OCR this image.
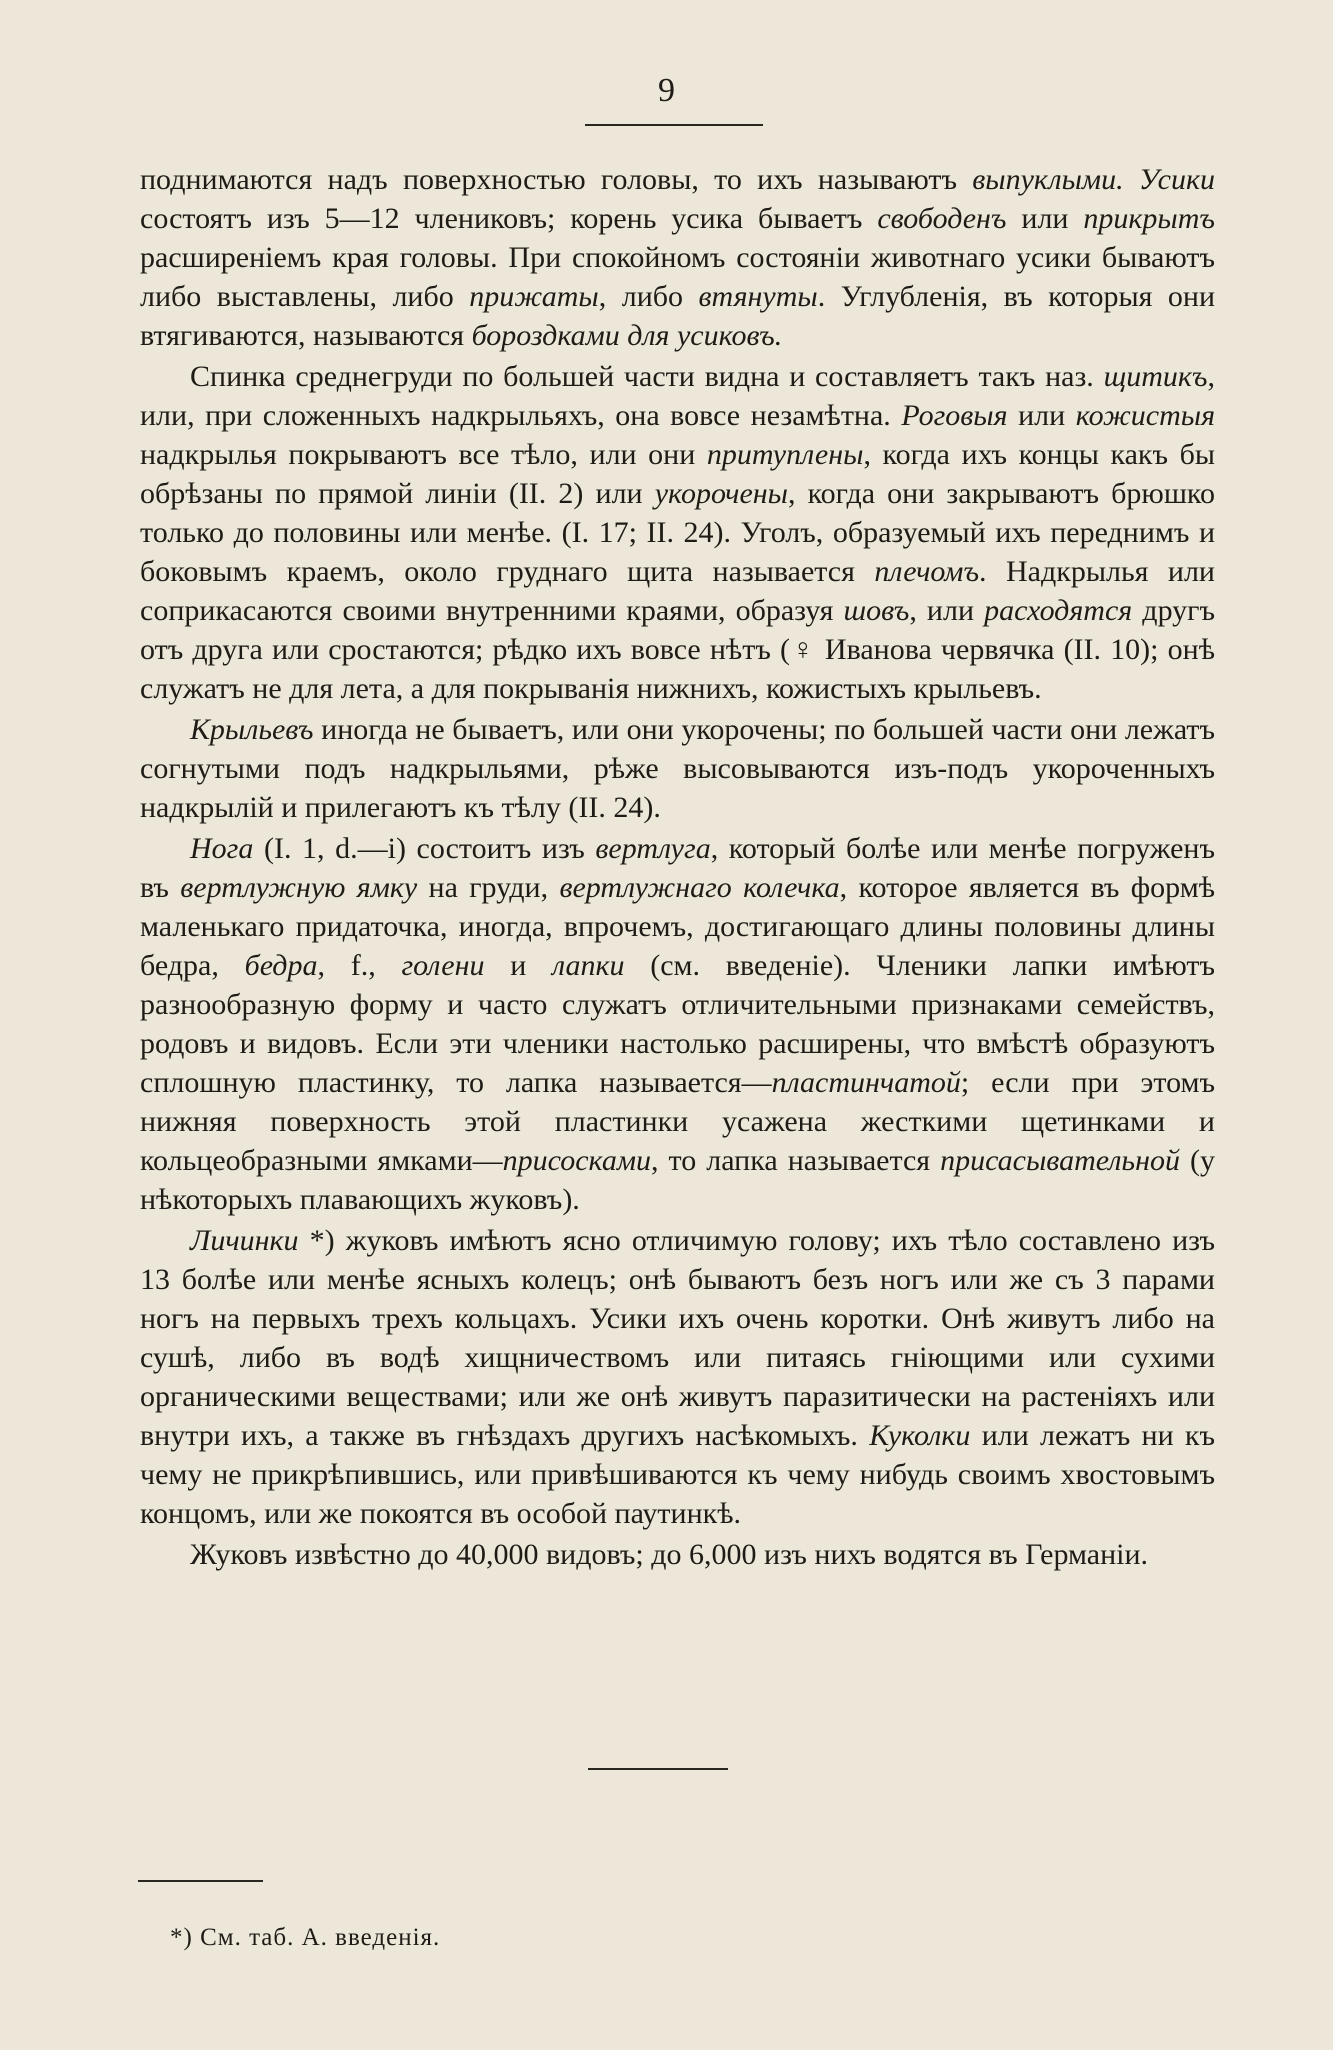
9

поднимаются надъ поверхностью головы, то ихъ называютъ выпуклыми. Усики состоятъ изъ 5—12 члениковъ; корень усика бываетъ свободенъ или прикрытъ расширеніемъ края головы. При спокойномъ состояніи животнаго усики бываютъ либо выставлены, либо прижаты, либо втянуты. Углубленія, въ которыя они втягиваются, называются бороздками для усиковъ.

Спинка среднегруди по большей части видна и составляетъ такъ наз. щитикъ, или, при сложенныхъ надкрыльяхъ, она вовсе незамѣтна. Роговыя или кожистыя надкрылья покрываютъ все тѣло, или они притуплены, когда ихъ концы какъ бы обрѣзаны по прямой линіи (II. 2) или укорочены, когда они закрываютъ брюшко только до половины или менѣе. (I. 17; II. 24). Уголъ, образуемый ихъ переднимъ и боковымъ краемъ, около груднаго щита называется плечомъ. Надкрылья или соприкасаются своими внутренними краями, образуя шовъ, или расходятся другъ отъ друга или сростаются; рѣдко ихъ вовсе нѣтъ (♀ Иванова червячка (II. 10); онѣ служатъ не для лета, а для покрыванія нижнихъ, кожистыхъ крыльевъ.

Крыльевъ иногда не бываетъ, или они укорочены; по большей части они лежатъ согнутыми подъ надкрыльями, рѣже высовываются изъ-подъ укороченныхъ надкрылій и прилегаютъ къ тѣлу (II. 24).

Нога (I. 1, d.—i) состоитъ изъ вертлуга, который болѣе или менѣе погруженъ въ вертлужную ямку на груди, вертлужнаго колечка, которое является въ формѣ маленькаго придаточка, иногда, впрочемъ, достигающаго длины половины длины бедра, бедра, f., голени и лапки (см. введеніе). Членики лапки имѣютъ разнообразную форму и часто служатъ отличительными признаками семействъ, родовъ и видовъ. Если эти членики настолько расширены, что вмѣстѣ образуютъ сплошную пластинку, то лапка называется—пластинчатой; если при этомъ нижняя поверхность этой пластинки усажена жесткими щетинками и кольцеобразными ямками—присосками, то лапка называется присасывательной (у нѣкоторыхъ плавающихъ жуковъ).

Личинки *) жуковъ имѣютъ ясно отличимую голову; ихъ тѣло составлено изъ 13 болѣе или менѣе ясныхъ колецъ; онѣ бываютъ безъ ногъ или же съ 3 парами ногъ на первыхъ трехъ кольцахъ. Усики ихъ очень коротки. Онѣ живутъ либо на сушѣ, либо въ водѣ хищничествомъ или питаясь гніющими или сухими органическими веществами; или же онѣ живутъ паразитически на растеніяхъ или внутри ихъ, а также въ гнѣздахъ другихъ насѣкомыхъ. Куколки или лежатъ ни къ чему не прикрѣпившись, или привѣшиваются къ чему нибудь своимъ хвостовымъ концомъ, или же покоятся въ особой паутинкѣ.

Жуковъ извѣстно до 40,000 видовъ; до 6,000 изъ нихъ водятся въ Германіи.

*) См. таб. А. введенія.
